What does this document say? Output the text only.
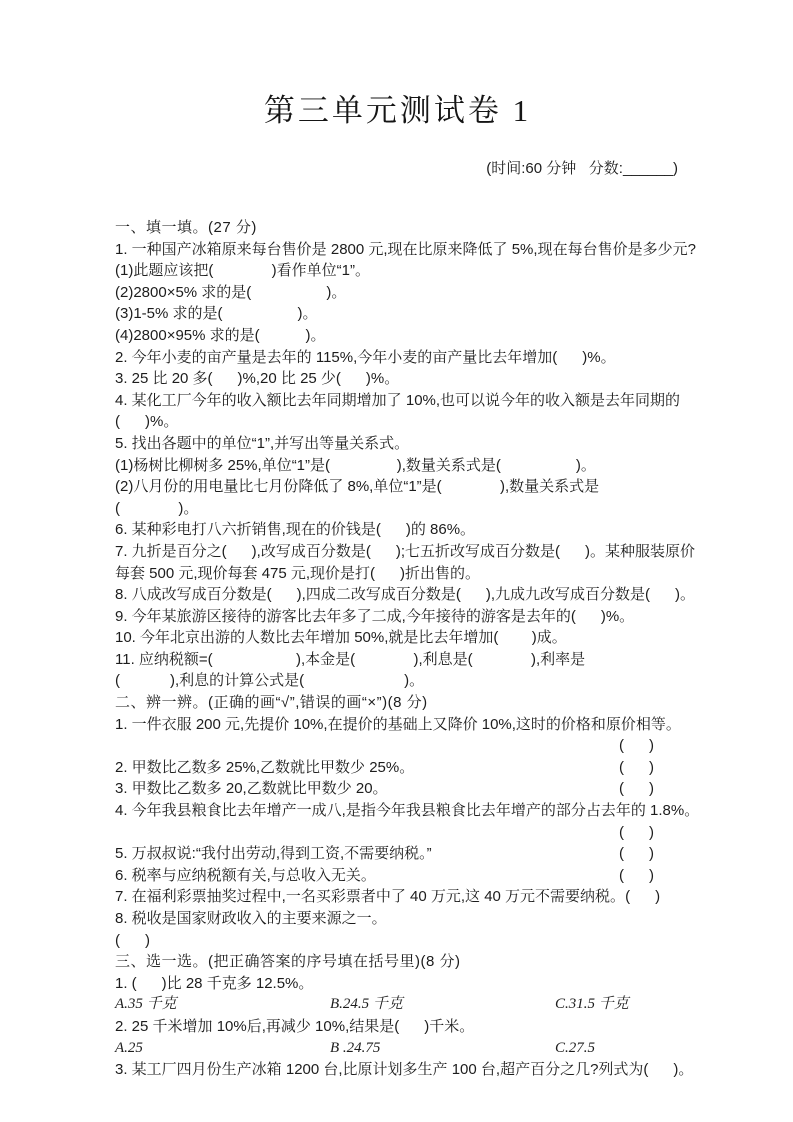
第三单元测试卷 1

(时间:60 分钟   分数:______)

一、填一填。(27 分)
1. 一种国产冰箱原来每台售价是 2800 元,现在比原来降低了 5%,现在每台售价是多少元?
(1)此题应该把(              )看作单位“1”。
(2)2800×5% 求的是(                  )。
(3)1-5% 求的是(                  )。
(4)2800×95% 求的是(           )。
2. 今年小麦的亩产量是去年的 115%,今年小麦的亩产量比去年增加(      )%。
3. 25 比 20 多(      )%,20 比 25 少(      )%。
4. 某化工厂今年的收入额比去年同期增加了 10%,也可以说今年的收入额是去年同期的
(      )%。
5. 找出各题中的单位“1”,并写出等量关系式。
(1)杨树比柳树多 25%,单位“1”是(                ),数量关系式是(                  )。
(2)八月份的用电量比七月份降低了 8%,单位“1”是(              ),数量关系式是
(              )。
6. 某种彩电打八六折销售,现在的价钱是(      )的 86%。
7. 九折是百分之(      ),改写成百分数是(      );七五折改写成百分数是(      )。某种服装原价
每套 500 元,现价每套 475 元,现价是打(      )折出售的。
8. 八成改写成百分数是(      ),四成二改写成百分数是(      ),九成九改写成百分数是(      )。
9. 今年某旅游区接待的游客比去年多了二成,今年接待的游客是去年的(      )%。
10. 今年北京出游的人数比去年增加 50%,就是比去年增加(        )成。
11. 应纳税额=(                    ),本金是(              ),利息是(              ),利率是
(            ),利息的计算公式是(                        )。
二、辨一辨。(正确的画“√”,错误的画“×”)(8 分)
1. 一件衣服 200 元,先提价 10%,在提价的基础上又降价 10%,这时的价格和原价相等。
(      )
2. 甲数比乙数多 25%,乙数就比甲数少 25%。	(      )
3. 甲数比乙数多 20,乙数就比甲数少 20。	(      )
4. 今年我县粮食比去年增产一成八,是指今年我县粮食比去年增产的部分占去年的 1.8%。
(      )
5. 万叔叔说:“我付出劳动,得到工资,不需要纳税。”	(      )
6. 税率与应纳税额有关,与总收入无关。	(      )
7. 在福利彩票抽奖过程中,一名买彩票者中了 40 万元,这 40 万元不需要纳税。 (      )
8. 税收是国家财政收入的主要来源之一。
(      )
三、选一选。(把正确答案的序号填在括号里)(8 分)
1. (      )比 28 千克多 12.5%。
A.35 千克	B.24.5 千克	C.31.5 千克
2. 25 千米增加 10%后,再减少 10%,结果是(      )千米。
A.25	B .24.75	C.27.5
3. 某工厂四月份生产冰箱 1200 台,比原计划多生产 100 台,超产百分之几?列式为(      )。
